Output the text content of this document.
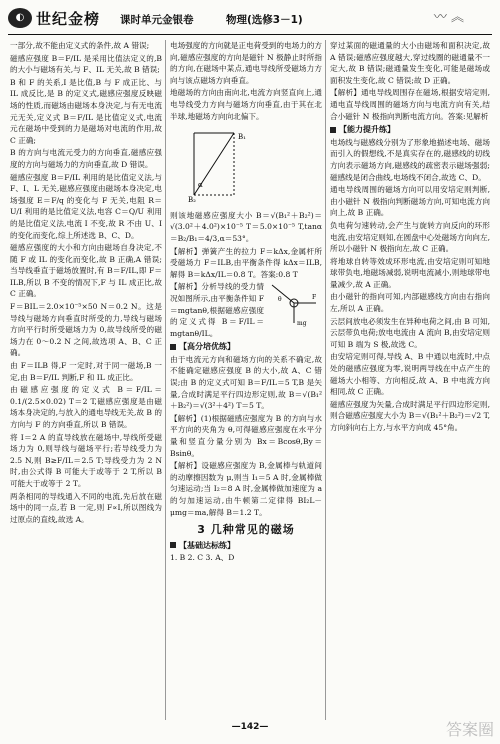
◐ 世纪金榜 课时单元金银卷	物理(选修3－1)	〰 ︽

一部分,故不能由定义式的条件,故 A 错误;

磁感应强度 B＝F/IL 是采用比值法定义的,B 的大小与磁场有关,与 F、IL 无关,故 B 错误;

B 和 F 的关系,I 是比值,B 与 F 成正比、与 IL 成反比,是 B 的定义式,磁感应强度反映磁场的性质,而磁场由磁场本身决定,与有无电流元无关,定义式 B＝F/IL 是比值定义式,电流元在磁场中受到的力是磁场对电流的作用,故 C 正确;

B 的方向与电流元受力的方向垂直,磁感应强度的方向与磁场力的方向垂直,故 D 错误。

磁感应强度 B＝F/IL 利用的是比值定义法,与 F、I、L 无关,磁感应强度由磁场本身决定,电场强度 E＝F/q 的变化与 F 无关,电阻 R＝U/I 利用的是比值定义法,电容 C＝Q/U 利用的是比值定义法,电流 I 不变,故 R 不由 U、I 的变化而变化,综上所述选 B、C、D。

磁感应强度的大小和方向由磁场自身决定,不随 F 或 IL 的变化而变化,故 B 正确,A 错误;当导线垂直于磁场放置时,有 B＝F/IL,即 F＝ILB,所以 B 不变的情况下,F 与 IL 成正比,故 C 正确。

F＝BIL＝2.0×10⁻⁵×50 N＝0.2 N。这是导线与磁场方向垂直时所受的力,导线与磁场方向平行时所受磁场力为 0,故导线所受的磁场力在 0～0.2 N 之间,故选项 A、B、C 正确。

由 F＝ILB 得,F 一定时,对于同一磁场,B 一定,由 B＝F/IL 判断,F 和 IL 成正比。

由磁感应强度的定义式 B＝F/IL＝0.1/(2.5×0.02) T＝2 T,磁感应强度是由磁场本身决定的,与放入的通电导线无关,故 B 的方向与 F 的方向垂直,所以 B 错误。

将 I＝2 A 的直导线放在磁场中,导线所受磁场力为 0,则导线与磁场平行;若导线受力为 2.5 N,则 B≥F/IL＝2.5 T;导线受力为 2 N 时,由公式得 B 可能大于或等于 2 T,所以 B 可能大于或等于 2 T。

两条相同的导线通入不同的电流,先后放在磁场中的同一点,若 B 一定,则 F∝I,所以图线为过原点的直线,故选 A。

电场强度的方向就是正电荷受到的电场力的方向,磁感应强度的方向是磁针 N 极静止时所指的方向,在磁场中某点,通电导线所受磁场力方向与该点磁场方向垂直。

地磁场的方向由南向北,电流方向竖直向上,通电导线受力方向与磁场方向垂直,由于其在北半球,地磁场方向向北偏下。

B₁
B₂
α

则该地磁感应强度大小 B＝√(B₁²＋B₂²)＝√(3.0²＋4.0²)×10⁻⁵ T＝5.0×10⁻⁵ T,tanα＝B₂/B₁＝4/3,α＝53°。

【解析】弹簧产生的拉力 F＝kΔx,金属杆所受磁场力 F＝ILB,由平衡条件得 kΔx＝ILB,解得 B＝kΔx/IL＝0.8 T。答案:0.8 T

F
θ
mg

【解析】分析导线的受力情况如图所示,由平衡条件知 F＝mgtanθ,根据磁感应强度的定义式得 B＝F/IL＝mgtanθ/IL。

【高分培优练】

由于电流元方向和磁场方向的关系不确定,故不能确定磁感应强度 B 的大小,故 A、C 错误;由 B 的定义式可知 B＝F/IL＝5 T,B 是矢量,合成时满足平行四边形定则,故 B＝√(B₁²＋B₂²)＝√(3²＋4²) T＝5 T。

【解析】(1)根据磁感应强度为 B 的方向与水平方向的夹角为 θ,可得磁感应强度在水平分量和竖直分量分别为 Bx＝Bcosθ,By＝Bsinθ。

【解析】设磁感应强度为 B,金属棒与轨道间的动摩擦因数为 μ,则当 I₁＝5 A 时,金属棒做匀速运动;当 I₂＝8 A 时,金属棒做加速度为 a 的匀加速运动,由牛顿第二定律得 BI₂L－μmg＝ma,解得 B＝1.2 T。

3 几种常见的磁场
【基础达标练】

1. B 2. C 3. A、D

穿过某面的磁通量的大小由磁场和面积决定,故 A 错误;磁感应强度越大,穿过线圈的磁通量不一定大,故 B 错误;磁通量发生变化,可能是磁场或面积发生变化,故 C 错误;故 D 正确。

【解析】通电导线周围存在磁场,根据安培定则,通电直导线周围的磁场方向与电流方向有关,结合小磁针 N 极指向判断电流方向。答案:见解析

【能力提升练】

电场线与磁感线分别为了形象地描述电场、磁场而引入的假想线,不是真实存在的,磁感线的切线方向表示磁场方向,磁感线的疏密表示磁场强弱;磁感线是闭合曲线,电场线不闭合,故选 C、D。

通电导线周围的磁场方向可以用安培定则判断,由小磁针 N 极指向判断磁场方向,可知电流方向向上,故 B 正确。

负电荷匀速转动,会产生与旋转方向反向的环形电流,由安培定则知,在圆盘中心处磁场方向向左,所以小磁针 N 极指向左,故 C 正确。

将地球自转等效成环形电流,由安培定则可知地球带负电,地磁场减弱,说明电流减小,则地球带电量减少,故 A 正确。

由小磁针的指向可知,内部磁感线方向由右指向左,所以 A 正确。

云层间放电必须发生在异种电荷之间,由 B 可知,云层带负电荷;放电电流由 A 流向 B,由安培定则可知 B 端为 S 极,故选 C。

由安培定则可得,导线 A、B 中通以电流时,中点处的磁感应强度为零,说明两导线在中点产生的磁场大小相等、方向相反,故 A、B 中电流方向相同,故 C 正确。

磁感应强度为矢量,合成时满足平行四边形定则,则合磁感应强度大小为 B＝√(B₁²＋B₂²)＝√2 T,方向斜向右上方,与水平方向成 45°角。

—142—	答案圈
